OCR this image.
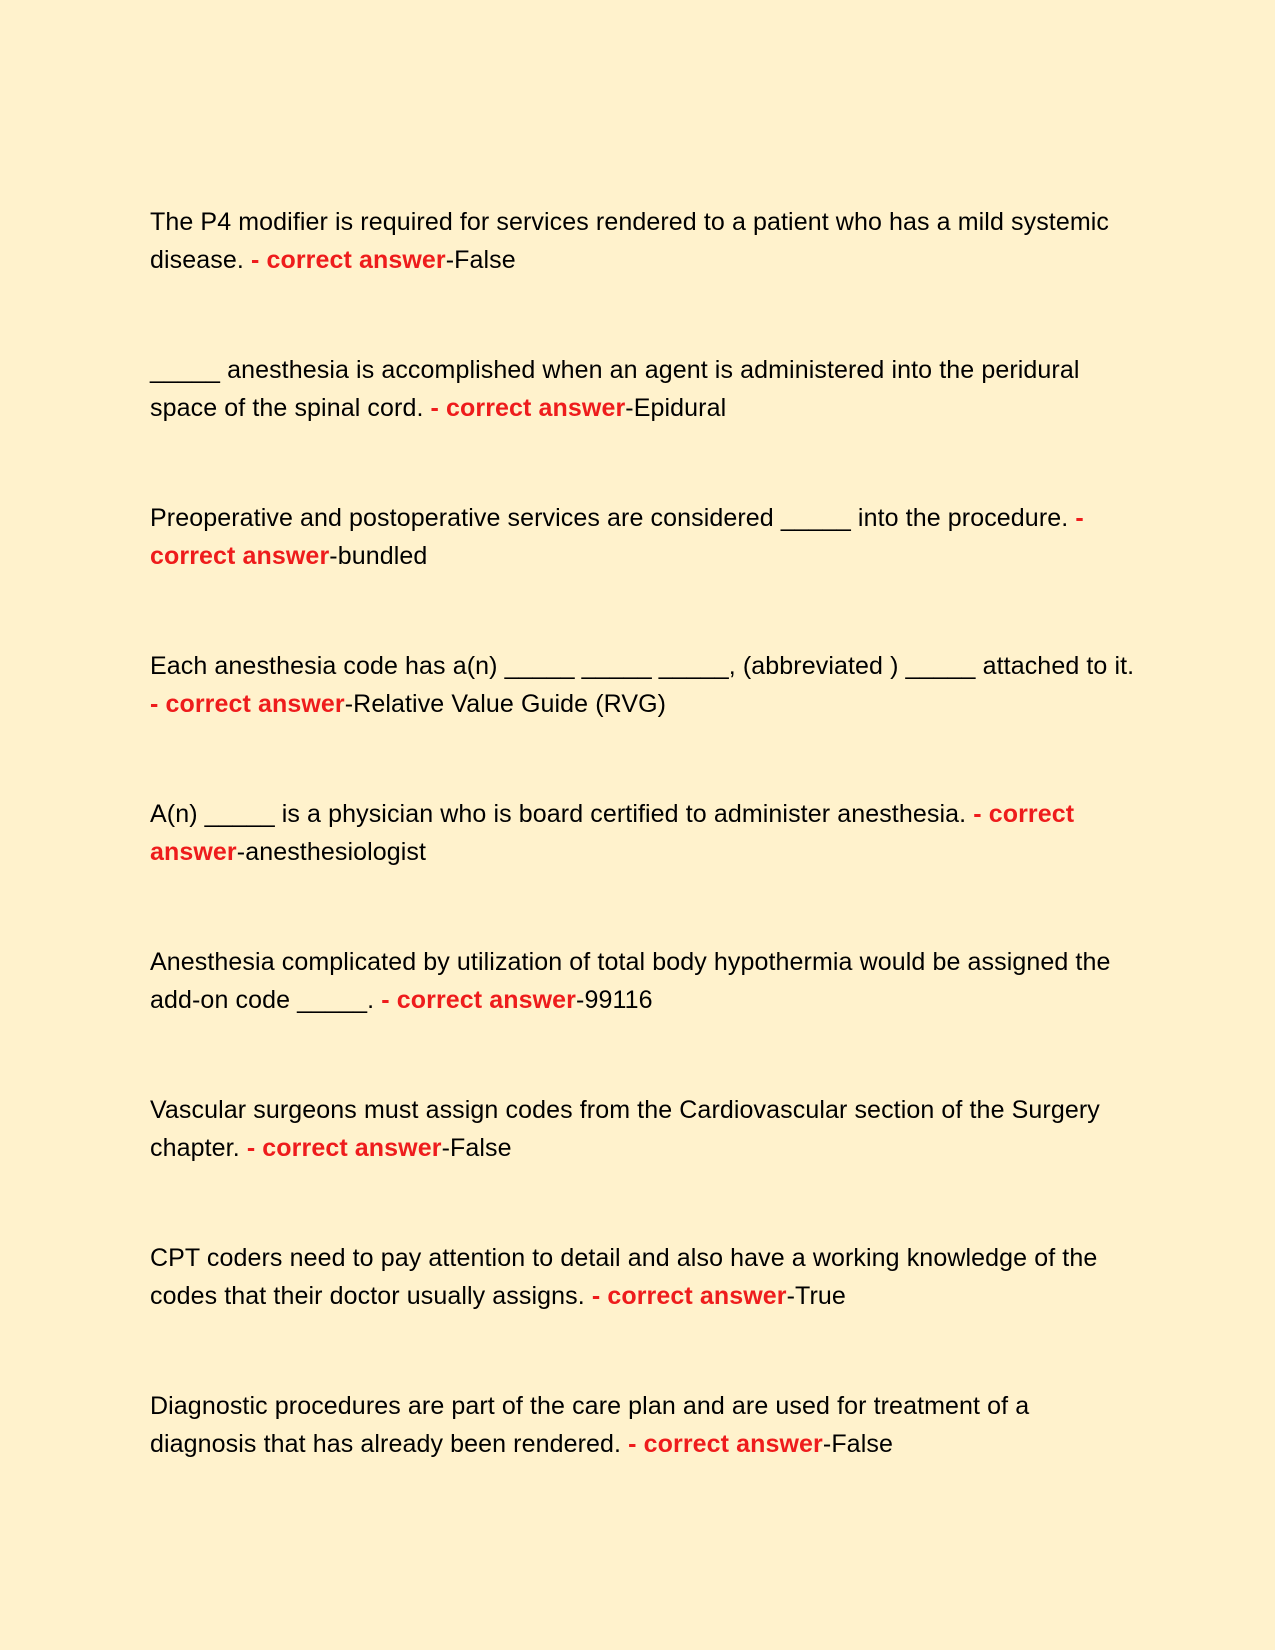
The P4 modifier is required for services rendered to a patient who has a mild systemic disease. - correct answer-False

_____ anesthesia is accomplished when an agent is administered into the peridural space of the spinal cord. - correct answer-Epidural

Preoperative and postoperative services are considered _____ into the procedure. - correct answer-bundled

Each anesthesia code has a(n) _____ _____ _____, (abbreviated ) _____ attached to it. - correct answer-Relative Value Guide (RVG)

A(n) _____ is a physician who is board certified to administer anesthesia. - correct answer-anesthesiologist

Anesthesia complicated by utilization of total body hypothermia would be assigned the add-on code _____. - correct answer-99116

Vascular surgeons must assign codes from the Cardiovascular section of the Surgery chapter. - correct answer-False

CPT coders need to pay attention to detail and also have a working knowledge of the codes that their doctor usually assigns. - correct answer-True

Diagnostic procedures are part of the care plan and are used for treatment of a diagnosis that has already been rendered. - correct answer-False
